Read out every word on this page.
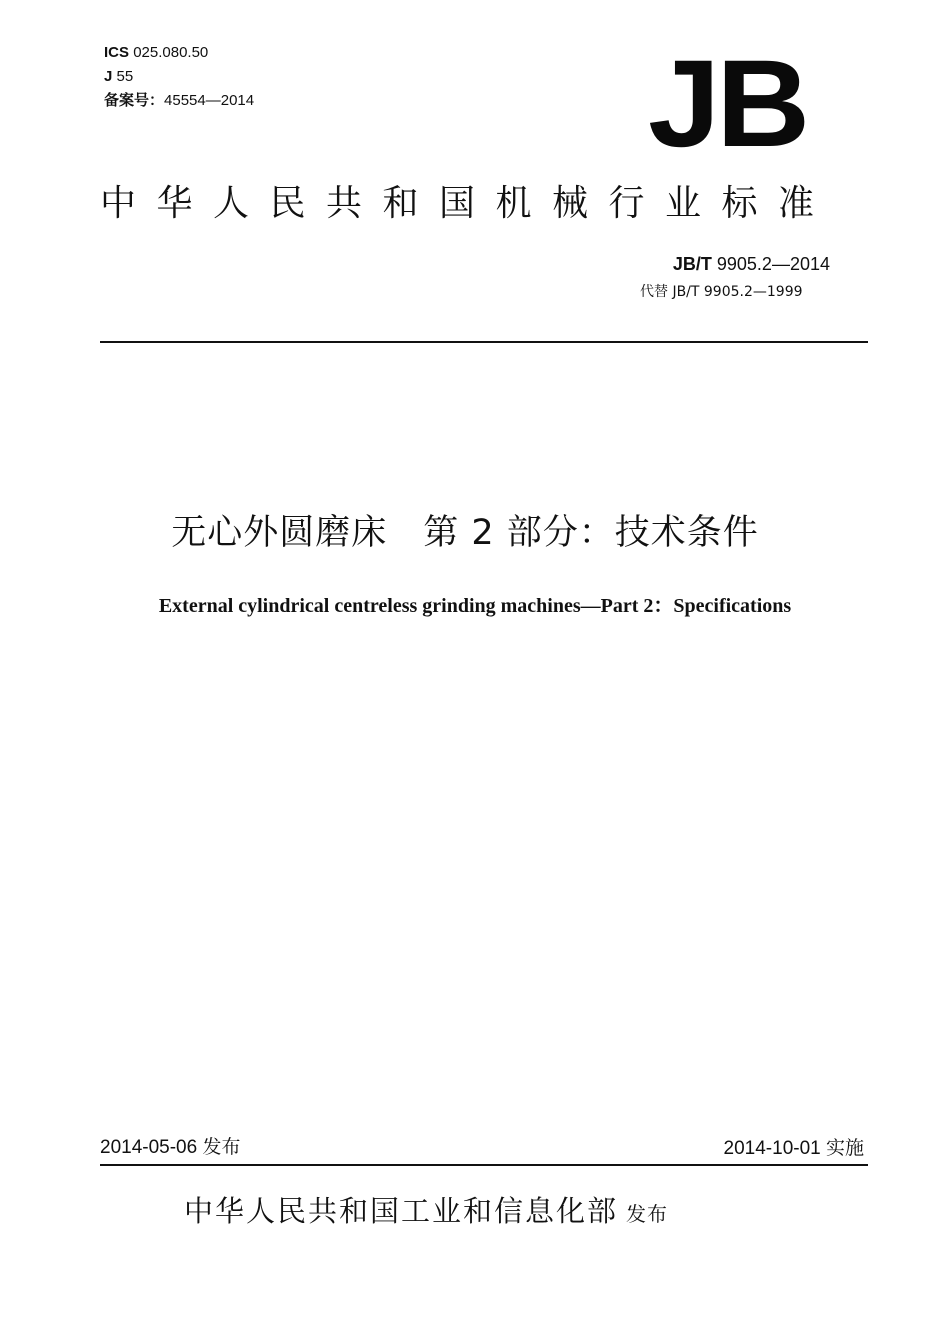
ICS 025.080.50
J 55
备案号：45554—2014	JB
中华人民共和国机械行业标准
JB/T 9905.2—2014
代替 JB/T 9905.2—1999
无心外圆磨床 第 2 部分：技术条件
External cylindrical centreless grinding machines—Part 2：Specifications
2014-05-06 发布	2014-10-01 实施
中华人民共和国工业和信息化部 发布
